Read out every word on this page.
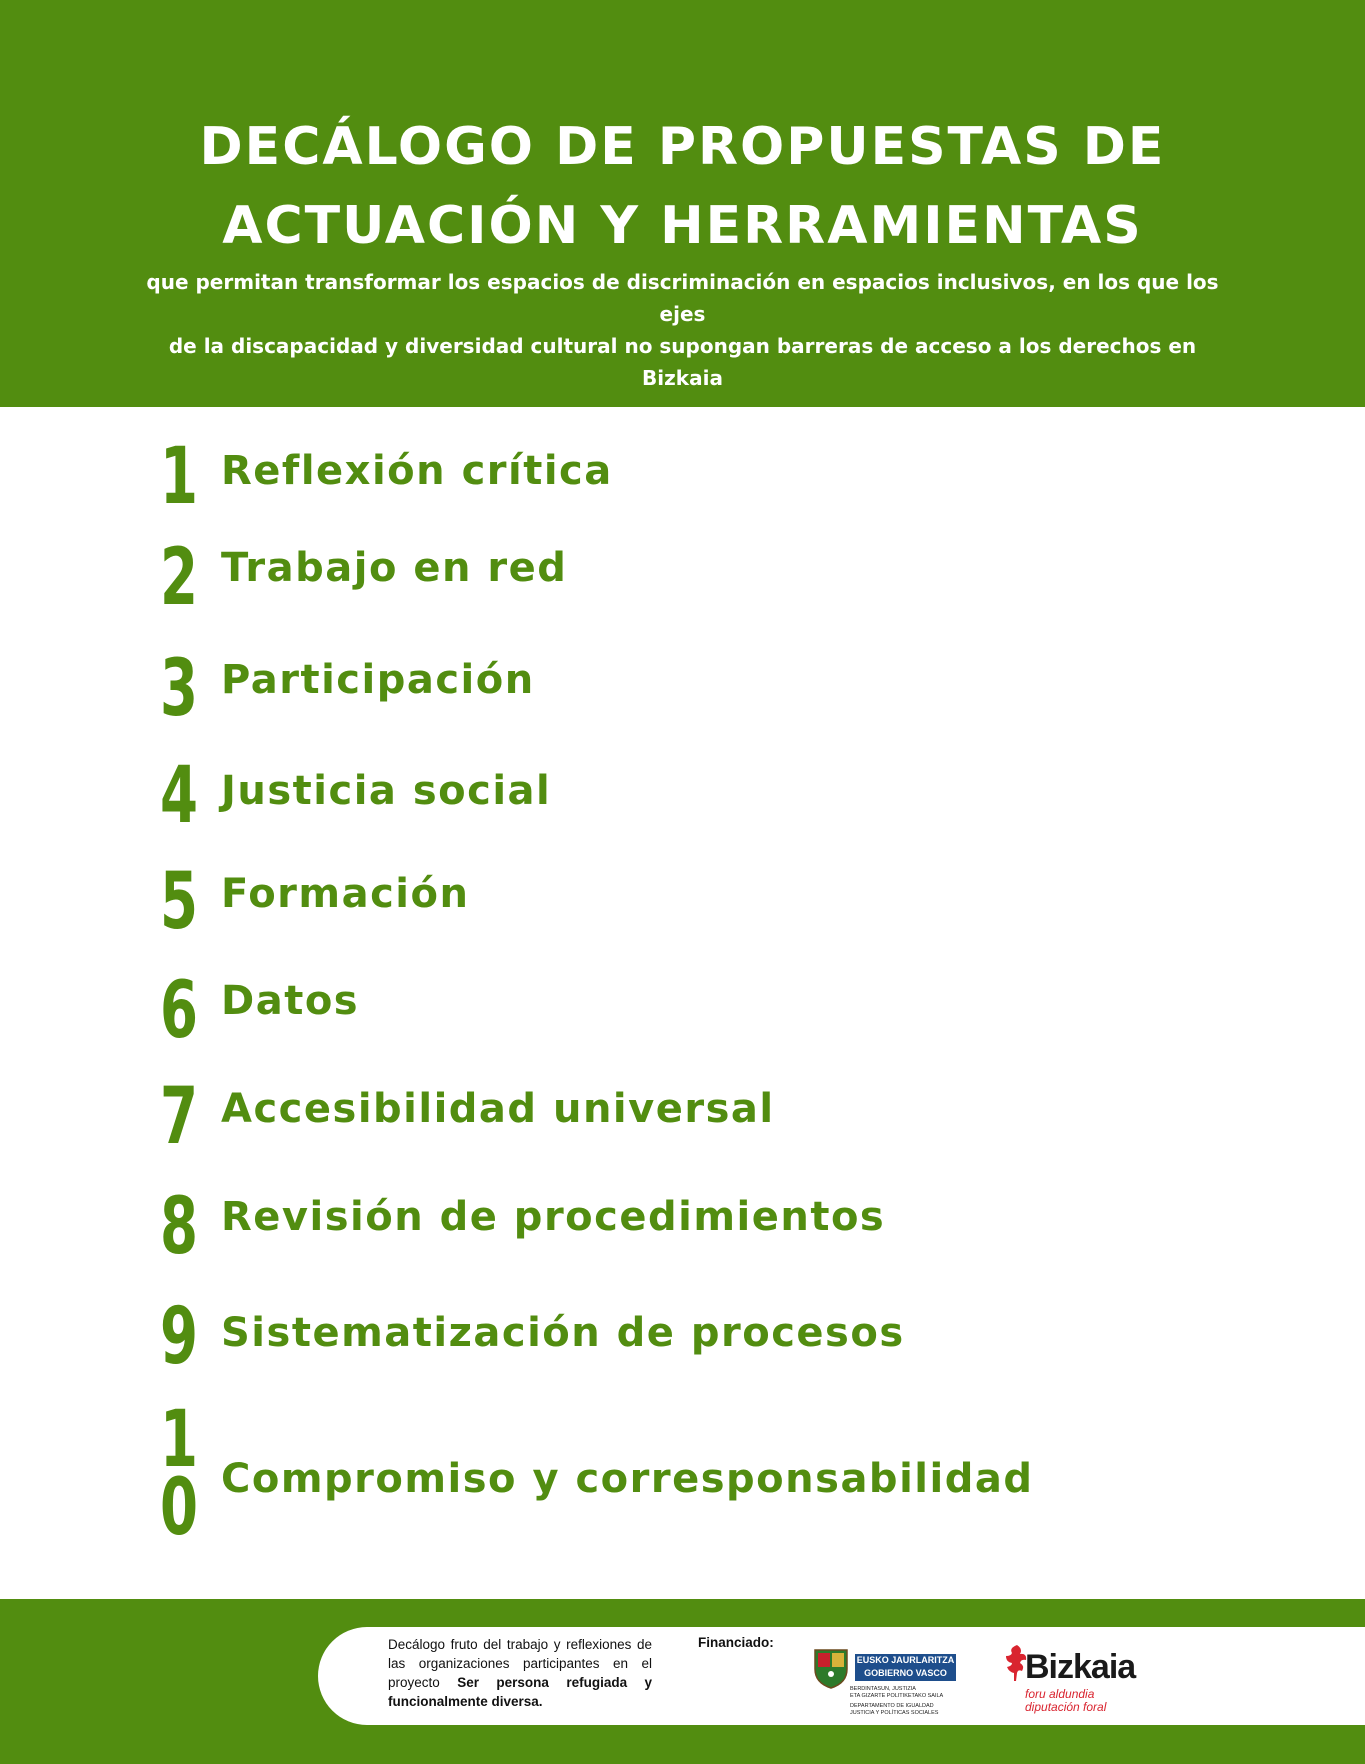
DECÁLOGO DE PROPUESTAS DE
ACTUACIÓN Y HERRAMIENTAS
que permitan transformar los espacios de discriminación en espacios inclusivos, en los que los ejes
de la discapacidad y diversidad cultural no supongan barreras de acceso a los derechos en Bizkaia
1 Reflexión crítica
2 Trabajo en red
3 Participación
4 Justicia social
5 Formación
6 Datos
7 Accesibilidad universal
8 Revisión de procedimientos
9 Sistematización de procesos
10 Compromiso y corresponsabilidad
Decálogo fruto del trabajo y reflexiones de las organizaciones participantes en el proyecto Ser persona refugiada y funcionalmente diversa.
Financiado:
EUSKO JAURLARITZA
GOBIERNO VASCO
BERDINTASUN, JUSTIZIA
ETA GIZARTE POLITIKETAKO SAILA
DEPARTAMENTO DE IGUALDAD
JUSTICIA Y POLÍTICAS SOCIALES
Bizkaia
foru aldundia
diputación foral
